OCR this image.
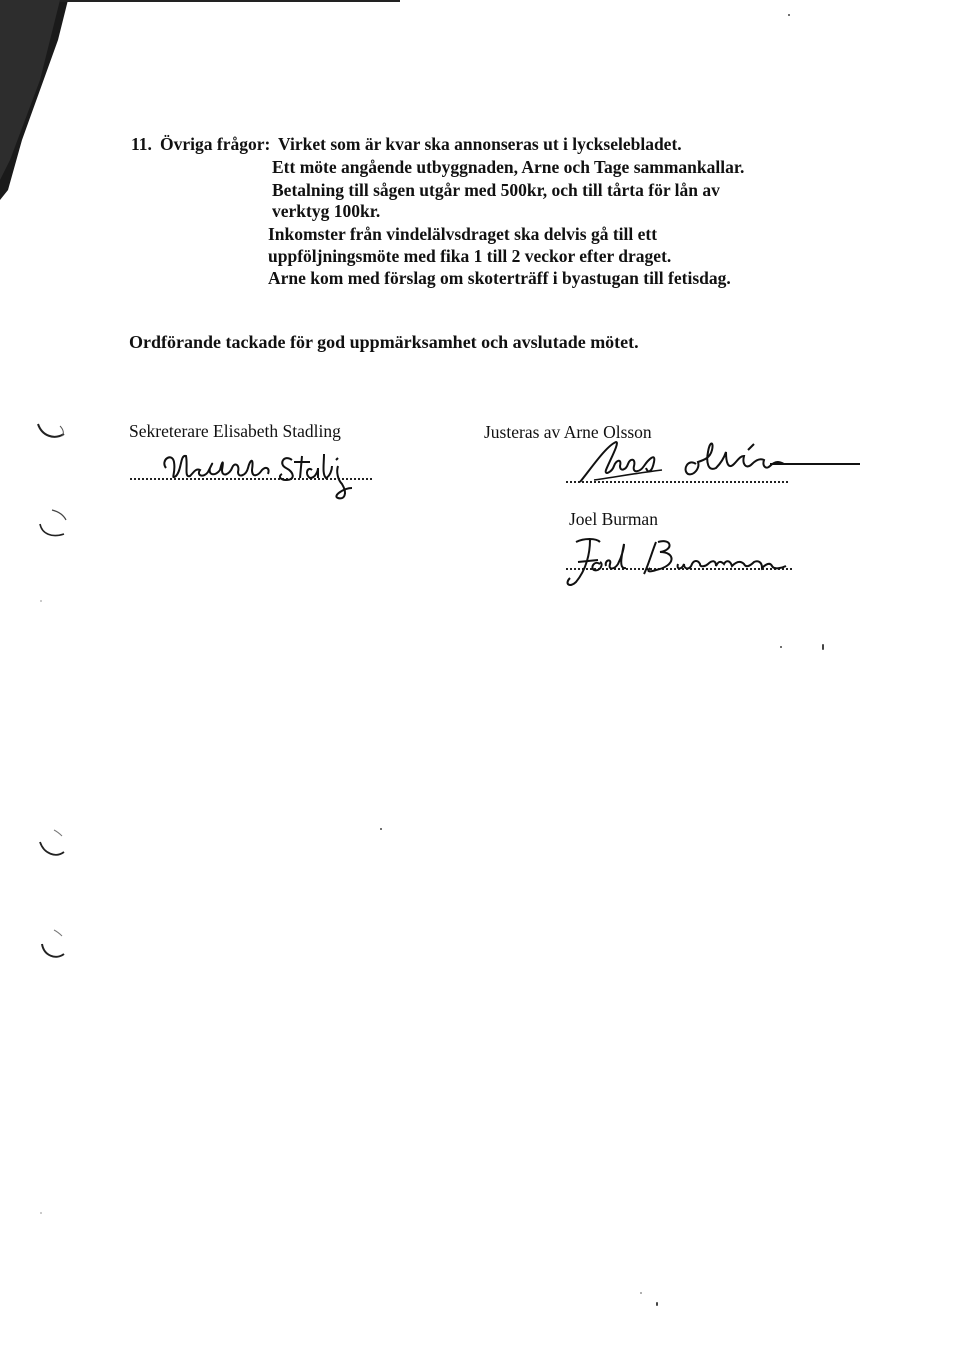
11. Övriga frågor: Virket som är kvar ska annonseras ut i lyckselebladet.
Ett möte angående utbyggnaden, Arne och Tage sammankallar.
Betalning till sågen utgår med 500kr, och till tårta för lån av
verktyg 100kr.
Inkomster från vindelälvsdraget ska delvis gå till ett
uppföljningsmöte med fika 1 till 2 veckor efter draget.
Arne kom med förslag om skoterträff i byastugan till fetisdag.
Ordförande tackade för god uppmärksamhet och avslutade mötet.
Sekreterare Elisabeth Stadling	Justeras av Arne Olsson
Joel Burman
